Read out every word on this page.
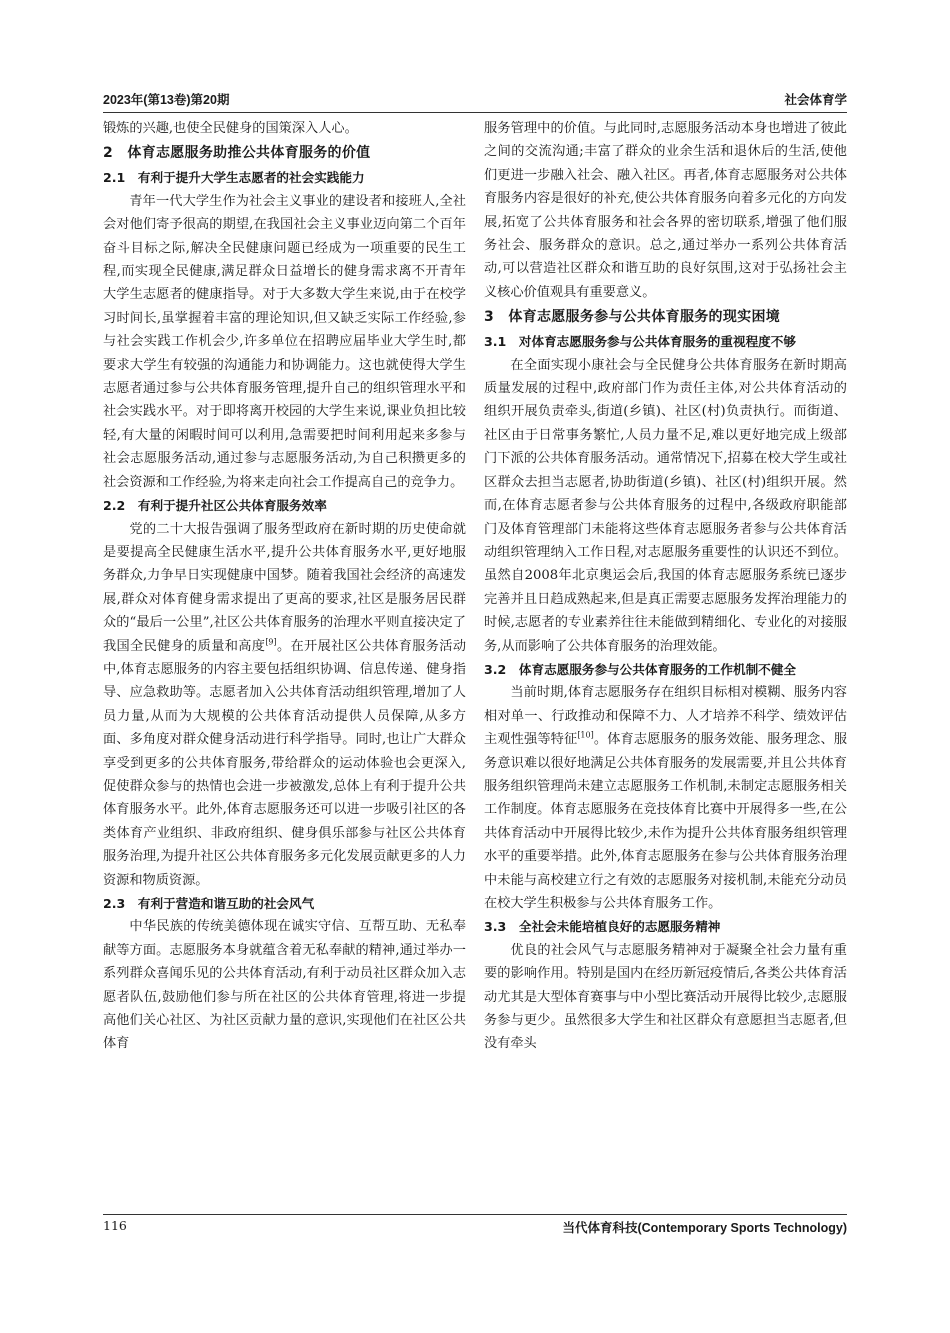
2023年(第13卷)第20期	社会体育学

锻炼的兴趣,也使全民健身的国策深入人心。

2　体育志愿服务助推公共体育服务的价值
2.1　有利于提升大学生志愿者的社会实践能力

青年一代大学生作为社会主义事业的建设者和接班人,全社会对他们寄予很高的期望,在我国社会主义事业迈向第二个百年奋斗目标之际,解决全民健康问题已经成为一项重要的民生工程,而实现全民健康,满足群众日益增长的健身需求离不开青年大学生志愿者的健康指导。对于大多数大学生来说,由于在校学习时间长,虽掌握着丰富的理论知识,但又缺乏实际工作经验,参与社会实践工作机会少,许多单位在招聘应届毕业大学生时,都要求大学生有较强的沟通能力和协调能力。这也就使得大学生志愿者通过参与公共体育服务管理,提升自己的组织管理水平和社会实践水平。对于即将离开校园的大学生来说,课业负担比较轻,有大量的闲暇时间可以利用,急需要把时间利用起来多参与社会志愿服务活动,通过参与志愿服务活动,为自己积攒更多的社会资源和工作经验,为将来走向社会工作提高自己的竞争力。

2.2　有利于提升社区公共体育服务效率

党的二十大报告强调了服务型政府在新时期的历史使命就是要提高全民健康生活水平,提升公共体育服务水平,更好地服务群众,力争早日实现健康中国梦。随着我国社会经济的高速发展,群众对体育健身需求提出了更高的要求,社区是服务居民群众的“最后一公里”,社区公共体育服务的治理水平则直接决定了我国全民健身的质量和高度[9]。在开展社区公共体育服务活动中,体育志愿服务的内容主要包括组织协调、信息传递、健身指导、应急救助等。志愿者加入公共体育活动组织管理,增加了人员力量,从而为大规模的公共体育活动提供人员保障,从多方面、多角度对群众健身活动进行科学指导。同时,也让广大群众享受到更多的公共体育服务,带给群众的运动体验也会更深入,促使群众参与的热情也会进一步被激发,总体上有利于提升公共体育服务水平。此外,体育志愿服务还可以进一步吸引社区的各类体育产业组织、非政府组织、健身俱乐部参与社区公共体育服务治理,为提升社区公共体育服务多元化发展贡献更多的人力资源和物质资源。

2.3　有利于营造和谐互助的社会风气

中华民族的传统美德体现在诚实守信、互帮互助、无私奉献等方面。志愿服务本身就蕴含着无私奉献的精神,通过举办一系列群众喜闻乐见的公共体育活动,有利于动员社区群众加入志愿者队伍,鼓励他们参与所在社区的公共体育管理,将进一步提高他们关心社区、为社区贡献力量的意识,实现他们在社区公共体育

服务管理中的价值。与此同时,志愿服务活动本身也增进了彼此之间的交流沟通;丰富了群众的业余生活和退休后的生活,使他们更进一步融入社会、融入社区。再者,体育志愿服务对公共体育服务内容是很好的补充,使公共体育服务向着多元化的方向发展,拓宽了公共体育服务和社会各界的密切联系,增强了他们服务社会、服务群众的意识。总之,通过举办一系列公共体育活动,可以营造社区群众和谐互助的良好氛围,这对于弘扬社会主义核心价值观具有重要意义。

3　体育志愿服务参与公共体育服务的现实困境
3.1　对体育志愿服务参与公共体育服务的重视程度不够

在全面实现小康社会与全民健身公共体育服务在新时期高质量发展的过程中,政府部门作为责任主体,对公共体育活动的组织开展负责牵头,街道(乡镇)、社区(村)负责执行。而街道、社区由于日常事务繁忙,人员力量不足,难以更好地完成上级部门下派的公共体育服务活动。通常情况下,招募在校大学生或社区群众去担当志愿者,协助街道(乡镇)、社区(村)组织开展。然而,在体育志愿者参与公共体育服务的过程中,各级政府职能部门及体育管理部门未能将这些体育志愿服务者参与公共体育活动组织管理纳入工作日程,对志愿服务重要性的认识还不到位。虽然自2008年北京奥运会后,我国的体育志愿服务系统已逐步完善并且日趋成熟起来,但是真正需要志愿服务发挥治理能力的时候,志愿者的专业素养往往未能做到精细化、专业化的对接服务,从而影响了公共体育服务的治理效能。

3.2　体育志愿服务参与公共体育服务的工作机制不健全

当前时期,体育志愿服务存在组织目标相对模糊、服务内容相对单一、行政推动和保障不力、人才培养不科学、绩效评估主观性强等特征[10]。体育志愿服务的服务效能、服务理念、服务意识难以很好地满足公共体育服务的发展需要,并且公共体育服务组织管理尚未建立志愿服务工作机制,未制定志愿服务相关工作制度。体育志愿服务在竞技体育比赛中开展得多一些,在公共体育活动中开展得比较少,未作为提升公共体育服务组织管理水平的重要举措。此外,体育志愿服务在参与公共体育服务治理中未能与高校建立行之有效的志愿服务对接机制,未能充分动员在校大学生积极参与公共体育服务工作。

3.3　全社会未能培植良好的志愿服务精神

优良的社会风气与志愿服务精神对于凝聚全社会力量有重要的影响作用。特别是国内在经历新冠疫情后,各类公共体育活动尤其是大型体育赛事与中小型比赛活动开展得比较少,志愿服务参与更少。虽然很多大学生和社区群众有意愿担当志愿者,但没有牵头

116	当代体育科技(Contemporary Sports Technology)
